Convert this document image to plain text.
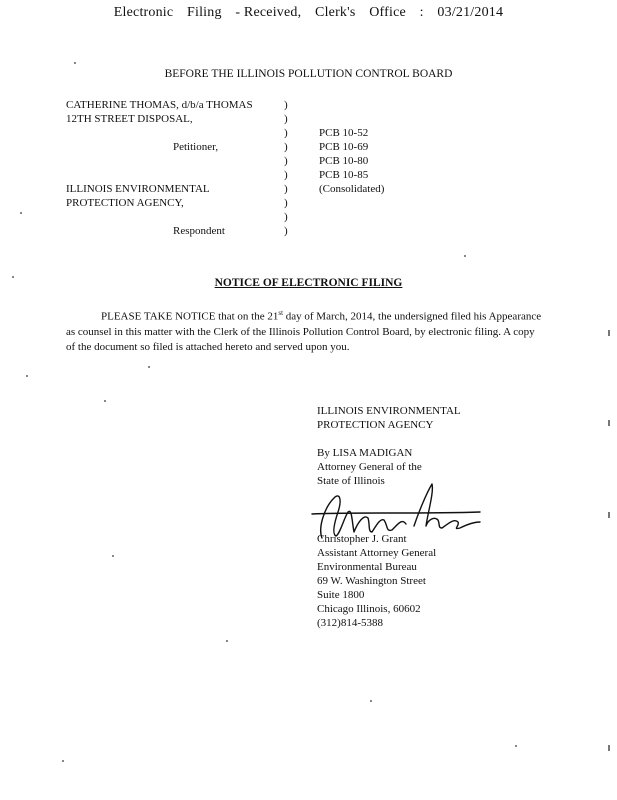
Electronic Filing - Received, Clerk's Office : 03/21/2014
BEFORE THE ILLINOIS POLLUTION CONTROL BOARD
CATHERINE THOMAS, d/b/a THOMAS
12TH STREET DISPOSAL,
Petitioner,
ILLINOIS ENVIRONMENTAL
PROTECTION AGENCY,
Respondent
)
)
)
)
)
)
)
)
)
)
PCB 10-52
PCB 10-69
PCB 10-80
PCB 10-85
(Consolidated)
NOTICE OF ELECTRONIC FILING

PLEASE TAKE NOTICE that on the 21st day of March, 2014, the undersigned filed his Appearance as counsel in this matter with the Clerk of the Illinois Pollution Control Board, by electronic filing. A copy of the document so filed is attached hereto and served upon you.

ILLINOIS ENVIRONMENTAL
PROTECTION AGENCY
By LISA MADIGAN
Attorney General of the
State of Illinois
Christopher J. Grant
Assistant Attorney General
Environmental Bureau
69 W. Washington Street
Suite 1800
Chicago Illinois, 60602
(312)814-5388
